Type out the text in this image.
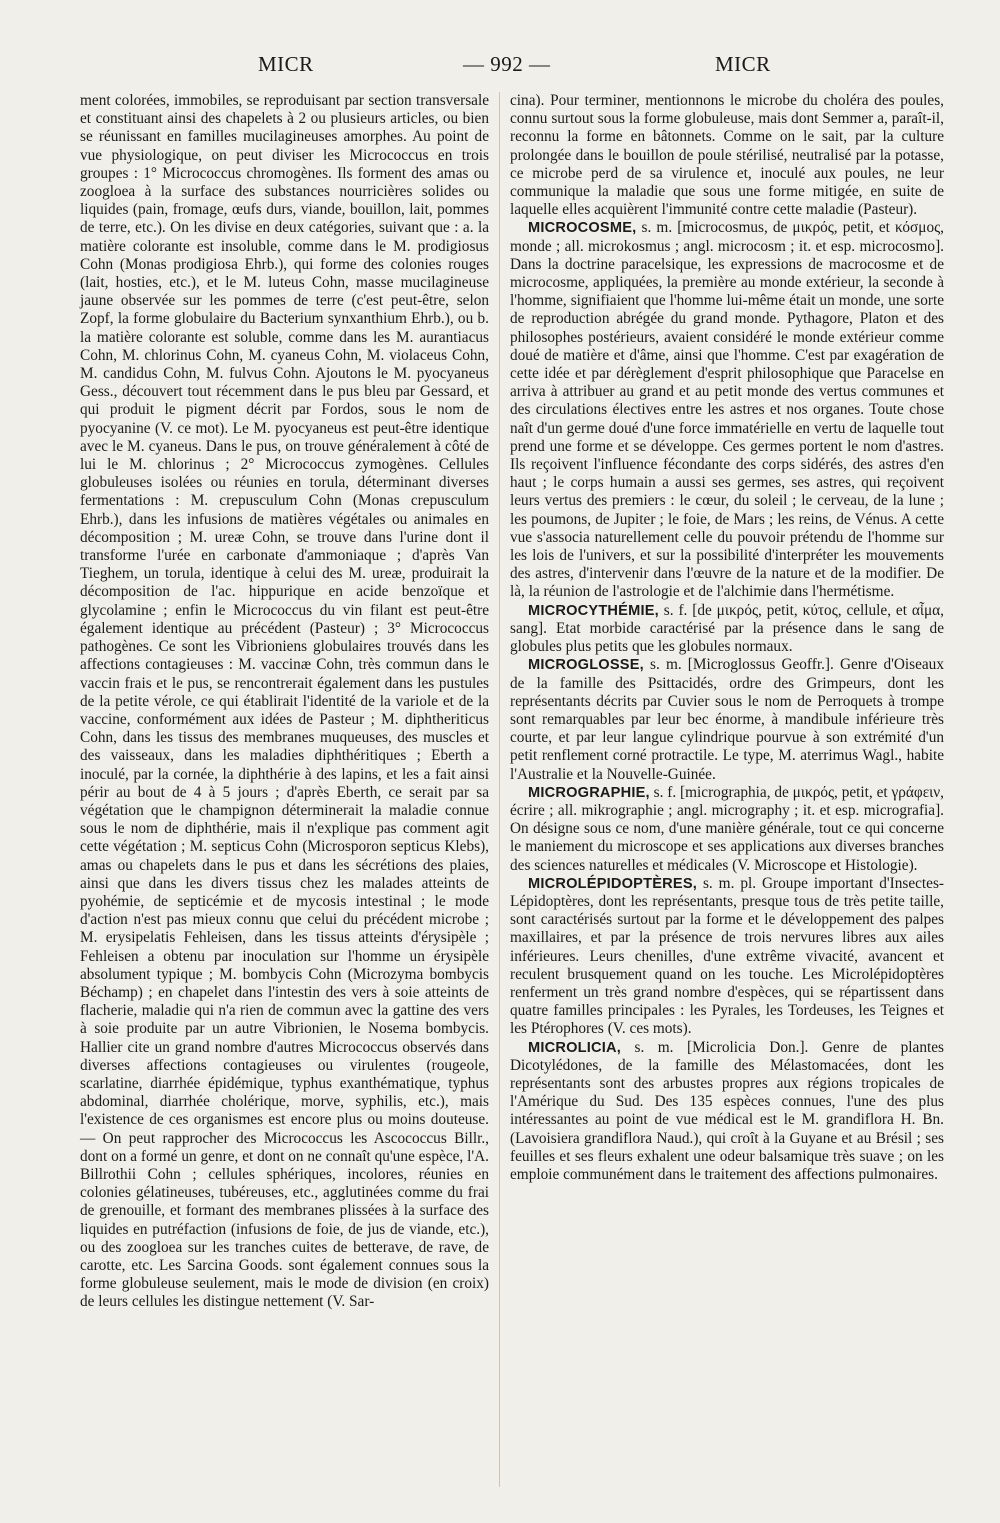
MICR	— 992 —	MICR

ment colorées, immobiles, se reproduisant par section transversale et constituant ainsi des chapelets à 2 ou plusieurs articles, ou bien se réunissant en familles mucilagineuses amorphes. Au point de vue physiologique, on peut diviser les Micrococcus en trois groupes : 1° Micrococcus chromogènes. Ils forment des amas ou zoogloea à la surface des substances nourricières solides ou liquides (pain, fromage, œufs durs, viande, bouillon, lait, pommes de terre, etc.). On les divise en deux catégories, suivant que : a. la matière colorante est insoluble, comme dans le M. prodigiosus Cohn (Monas prodigiosa Ehrb.), qui forme des colonies rouges (lait, hosties, etc.), et le M. luteus Cohn, masse mucilagineuse jaune observée sur les pommes de terre (c'est peut-être, selon Zopf, la forme globulaire du Bacterium synxanthium Ehrb.), ou b. la matière colorante est soluble, comme dans les M. aurantiacus Cohn, M. chlorinus Cohn, M. cyaneus Cohn, M. violaceus Cohn, M. candidus Cohn, M. fulvus Cohn. Ajoutons le M. pyocyaneus Gess., découvert tout récemment dans le pus bleu par Gessard, et qui produit le pigment décrit par Fordos, sous le nom de pyocyanine (V. ce mot). Le M. pyocyaneus est peut-être identique avec le M. cyaneus. Dans le pus, on trouve généralement à côté de lui le M. chlorinus ; 2° Micrococcus zymogènes. Cellules globuleuses isolées ou réunies en torula, déterminant diverses fermentations : M. crepusculum Cohn (Monas crepusculum Ehrb.), dans les infusions de matières végétales ou animales en décomposition ; M. ureæ Cohn, se trouve dans l'urine dont il transforme l'urée en carbonate d'ammoniaque ; d'après Van Tieghem, un torula, identique à celui des M. ureæ, produirait la décomposition de l'ac. hippurique en acide benzoïque et glycolamine ; enfin le Micrococcus du vin filant est peut-être également identique au précédent (Pasteur) ; 3° Micrococcus pathogènes. Ce sont les Vibrioniens globulaires trouvés dans les affections contagieuses : M. vaccinæ Cohn, très commun dans le vaccin frais et le pus, se rencontrerait également dans les pustules de la petite vérole, ce qui établirait l'identité de la variole et de la vaccine, conformément aux idées de Pasteur ; M. diphtheriticus Cohn, dans les tissus des membranes muqueuses, des muscles et des vaisseaux, dans les maladies diphthéritiques ; Eberth a inoculé, par la cornée, la diphthérie à des lapins, et les a fait ainsi périr au bout de 4 à 5 jours ; d'après Eberth, ce serait par sa végétation que le champignon déterminerait la maladie connue sous le nom de diphthérie, mais il n'explique pas comment agit cette végétation ; M. septicus Cohn (Microsporon septicus Klebs), amas ou chapelets dans le pus et dans les sécrétions des plaies, ainsi que dans les divers tissus chez les malades atteints de pyohémie, de septicémie et de mycosis intestinal ; le mode d'action n'est pas mieux connu que celui du précédent microbe ; M. erysipelatis Fehleisen, dans les tissus atteints d'érysipèle ; Fehleisen a obtenu par inoculation sur l'homme un érysipèle absolument typique ; M. bombycis Cohn (Microzyma bombycis Béchamp) ; en chapelet dans l'intestin des vers à soie atteints de flacherie, maladie qui n'a rien de commun avec la gattine des vers à soie produite par un autre Vibrionien, le Nosema bombycis. Hallier cite un grand nombre d'autres Micrococcus observés dans diverses affections contagieuses ou virulentes (rougeole, scarlatine, diarrhée épidémique, typhus exanthématique, typhus abdominal, diarrhée cholérique, morve, syphilis, etc.), mais l'existence de ces organismes est encore plus ou moins douteuse. — On peut rapprocher des Micrococcus les Ascococcus Billr., dont on a formé un genre, et dont on ne connaît qu'une espèce, l'A. Billrothii Cohn ; cellules sphériques, incolores, réunies en colonies gélatineuses, tubéreuses, etc., agglutinées comme du frai de grenouille, et formant des membranes plissées à la surface des liquides en putréfaction (infusions de foie, de jus de viande, etc.), ou des zoogloea sur les tranches cuites de betterave, de rave, de carotte, etc. Les Sarcina Goods. sont également connues sous la forme globuleuse seulement, mais le mode de division (en croix) de leurs cellules les distingue nettement (V. Sar-

cina). Pour terminer, mentionnons le microbe du choléra des poules, connu surtout sous la forme globuleuse, mais dont Semmer a, paraît-il, reconnu la forme en bâtonnets. Comme on le sait, par la culture prolongée dans le bouillon de poule stérilisé, neutralisé par la potasse, ce microbe perd de sa virulence et, inoculé aux poules, ne leur communique la maladie que sous une forme mitigée, en suite de laquelle elles acquièrent l'immunité contre cette maladie (Pasteur).

MICROCOSME, s. m. [microcosmus, de μικρός, petit, et κόσμος, monde ; all. microkosmus ; angl. microcosm ; it. et esp. microcosmo]. Dans la doctrine paracelsique, les expressions de macrocosme et de microcosme, appliquées, la première au monde extérieur, la seconde à l'homme, signifiaient que l'homme lui-même était un monde, une sorte de reproduction abrégée du grand monde. Pythagore, Platon et des philosophes postérieurs, avaient considéré le monde extérieur comme doué de matière et d'âme, ainsi que l'homme. C'est par exagération de cette idée et par dérèglement d'esprit philosophique que Paracelse en arriva à attribuer au grand et au petit monde des vertus communes et des circulations électives entre les astres et nos organes. Toute chose naît d'un germe doué d'une force immatérielle en vertu de laquelle tout prend une forme et se développe. Ces germes portent le nom d'astres. Ils reçoivent l'influence fécondante des corps sidérés, des astres d'en haut ; le corps humain a aussi ses germes, ses astres, qui reçoivent leurs vertus des premiers : le cœur, du soleil ; le cerveau, de la lune ; les poumons, de Jupiter ; le foie, de Mars ; les reins, de Vénus. A cette vue s'associa naturellement celle du pouvoir prétendu de l'homme sur les lois de l'univers, et sur la possibilité d'interpréter les mouvements des astres, d'intervenir dans l'œuvre de la nature et de la modifier. De là, la réunion de l'astrologie et de l'alchimie dans l'hermétisme.

MICROCYTHÉMIE, s. f. [de μικρός, petit, κύτος, cellule, et αἷμα, sang]. Etat morbide caractérisé par la présence dans le sang de globules plus petits que les globules normaux.

MICROGLOSSE, s. m. [Microglossus Geoffr.]. Genre d'Oiseaux de la famille des Psittacidés, ordre des Grimpeurs, dont les représentants décrits par Cuvier sous le nom de Perroquets à trompe sont remarquables par leur bec énorme, à mandibule inférieure très courte, et par leur langue cylindrique pourvue à son extrémité d'un petit renflement corné protractile. Le type, M. aterrimus Wagl., habite l'Australie et la Nouvelle-Guinée.

MICROGRAPHIE, s. f. [micrographia, de μικρός, petit, et γράφειν, écrire ; all. mikrographie ; angl. micrography ; it. et esp. micrografia]. On désigne sous ce nom, d'une manière générale, tout ce qui concerne le maniement du microscope et ses applications aux diverses branches des sciences naturelles et médicales (V. Microscope et Histologie).

MICROLÉPIDOPTÈRES, s. m. pl. Groupe important d'Insectes-Lépidoptères, dont les représentants, presque tous de très petite taille, sont caractérisés surtout par la forme et le développement des palpes maxillaires, et par la présence de trois nervures libres aux ailes inférieures. Leurs chenilles, d'une extrême vivacité, avancent et reculent brusquement quand on les touche. Les Microlépidoptères renferment un très grand nombre d'espèces, qui se répartissent dans quatre familles principales : les Pyrales, les Tordeuses, les Teignes et les Ptérophores (V. ces mots).

MICROLICIA, s. m. [Microlicia Don.]. Genre de plantes Dicotylédones, de la famille des Mélastomacées, dont les représentants sont des arbustes propres aux régions tropicales de l'Amérique du Sud. Des 135 espèces connues, l'une des plus intéressantes au point de vue médical est le M. grandiflora H. Bn. (Lavoisiera grandiflora Naud.), qui croît à la Guyane et au Brésil ; ses feuilles et ses fleurs exhalent une odeur balsamique très suave ; on les emploie communément dans le traitement des affections pulmonaires.
